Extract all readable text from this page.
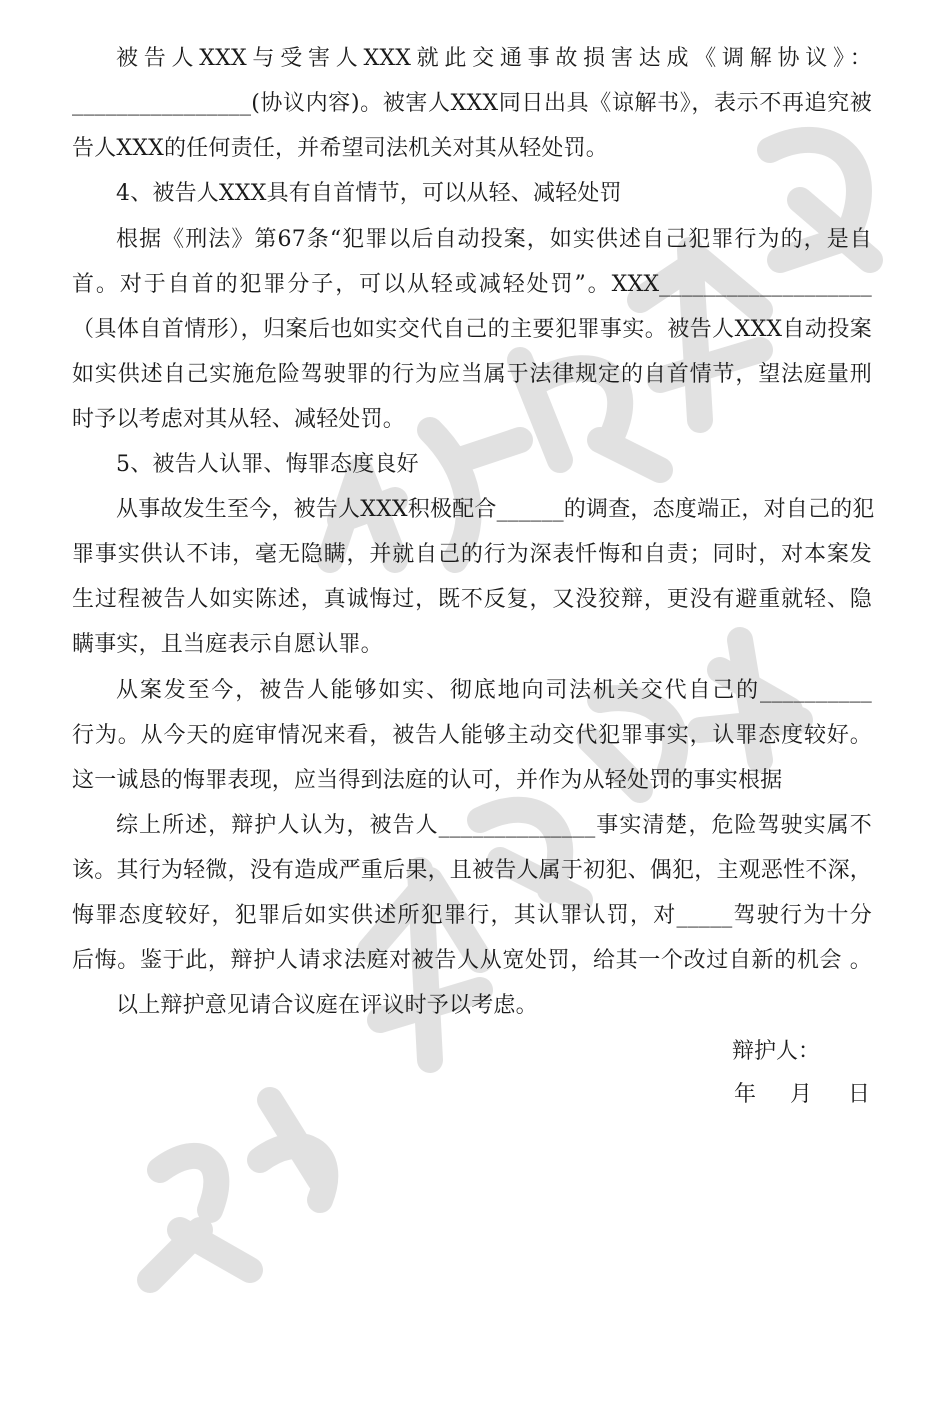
被告人XXX与受害人XXX就此交通事故损害达成《调解协议》：
________________(协议内容)。被害人XXX同日出具《谅解书》，表示不再追究被
告人XXX的任何责任，并希望司法机关对其从轻处罚。
4、被告人XXX具有自首情节，可以从轻、减轻处罚
根据《刑法》第67条“犯罪以后自动投案，如实供述自己犯罪行为的，是自
首。对于自首的犯罪分子，可以从轻或减轻处罚”。XXX___________________
（具体自首情形），归案后也如实交代自己的主要犯罪事实。被告人XXX自动投案
如实供述自己实施危险驾驶罪的行为应当属于法律规定的自首情节，望法庭量刑
时予以考虑对其从轻、减轻处罚。
5、被告人认罪、悔罪态度良好
从事故发生至今，被告人XXX积极配合______的调查，态度端正，对自己的犯
罪事实供认不讳，毫无隐瞒，并就自己的行为深表忏悔和自责；同时，对本案发
生过程被告人如实陈述，真诚悔过，既不反复，又没狡辩，更没有避重就轻、隐
瞒事实，且当庭表示自愿认罪。
从案发至今，被告人能够如实、彻底地向司法机关交代自己的__________
行为。从今天的庭审情况来看，被告人能够主动交代犯罪事实，认罪态度较好。
这一诚恳的悔罪表现，应当得到法庭的认可，并作为从轻处罚的事实根据
综上所述，辩护人认为，被告人______________事实清楚，危险驾驶实属不
该。其行为轻微，没有造成严重后果，且被告人属于初犯、偶犯，主观恶性不深，
悔罪态度较好，犯罪后如实供述所犯罪行，其认罪认罚，对_____驾驶行为十分
后悔。鉴于此，辩护人请求法庭对被告人从宽处罚，给其一个改过自新的机会 。
以上辩护意见请合议庭在评议时予以考虑。
辩护人：
年 月 日
